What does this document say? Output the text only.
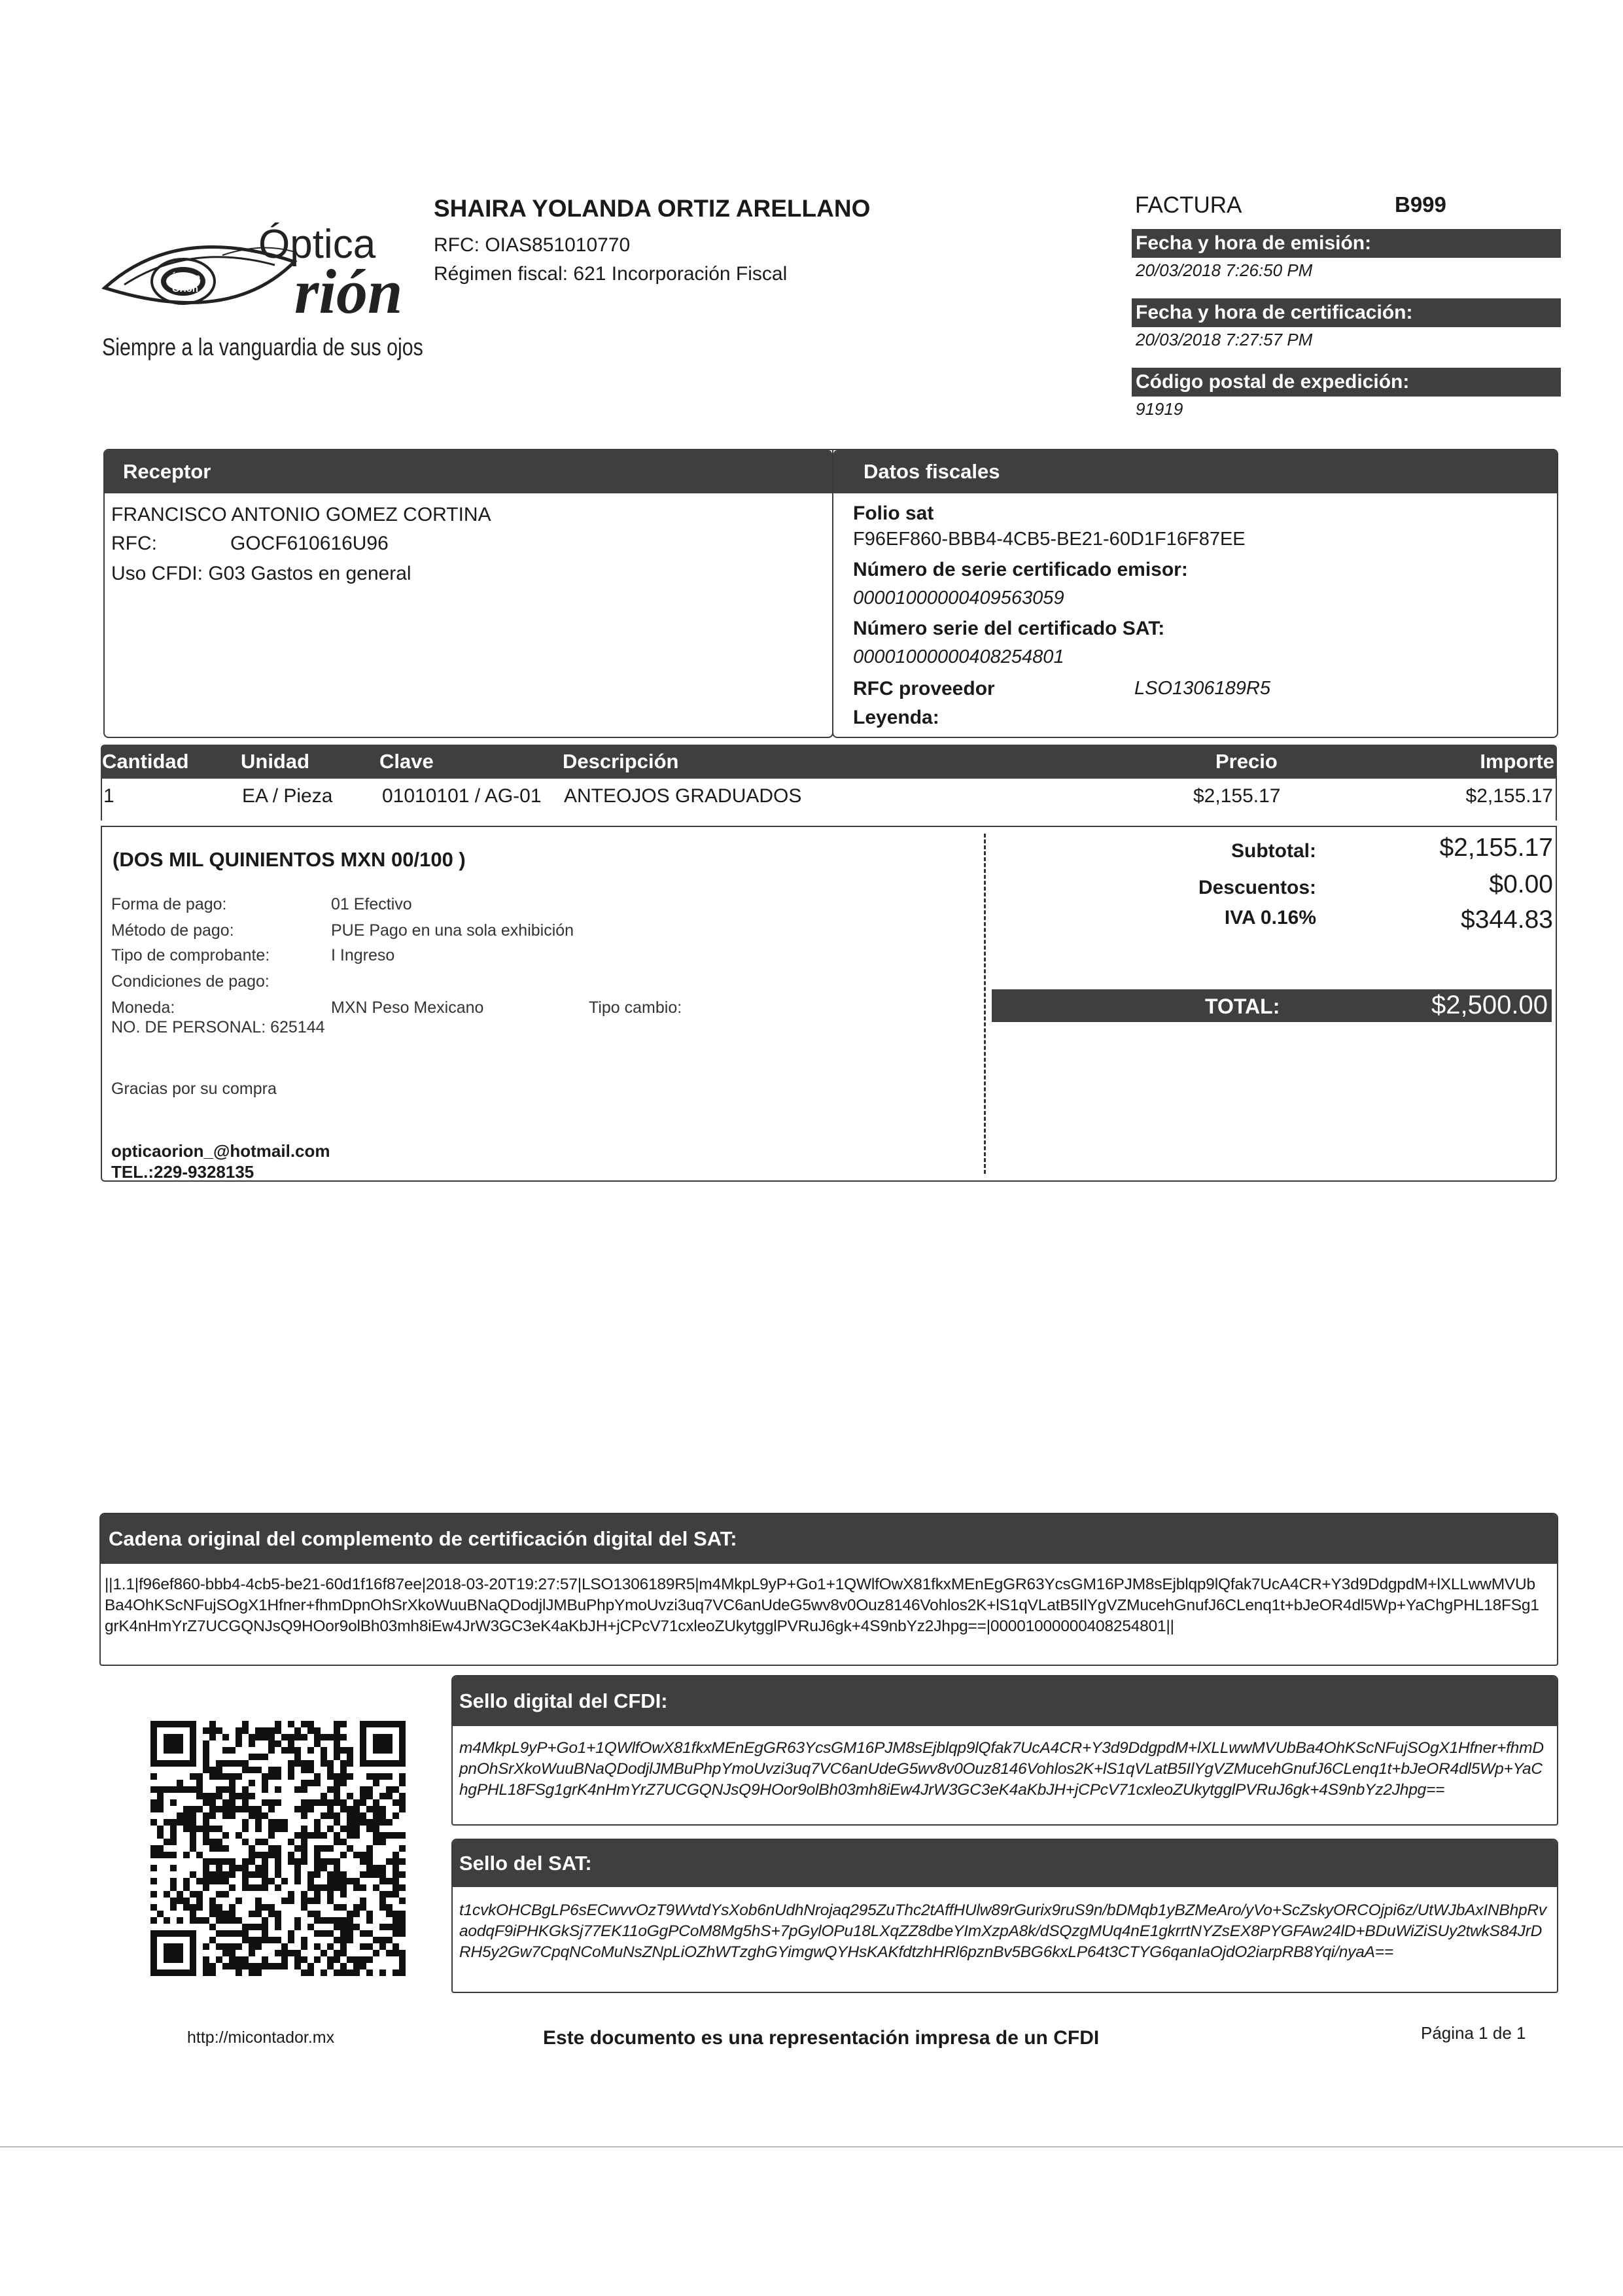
Óptica
rión
Óptica Orión
Siempre a la vanguardia de sus ojos
SHAIRA YOLANDA ORTIZ ARELLANO
RFC: OIAS851010770
Régimen fiscal: 621 Incorporación Fiscal
FACTURA	B999
Fecha y hora de emisión:
20/03/2018 7:26:50 PM
Fecha y hora de certificación:
20/03/2018 7:27:57 PM
Código postal de expedición:
91919
Receptor
FRANCISCO ANTONIO GOMEZ CORTINA
RFC:	GOCF610616U96
Uso CFDI: G03 Gastos en general
Datos fiscales
Folio sat
F96EF860-BBB4-4CB5-BE21-60D1F16F87EE
Número de serie certificado emisor:
00001000000409563059
Número serie del certificado SAT:
00001000000408254801
RFC proveedor	LSO1306189R5
Leyenda:
Cantidad	Unidad	Clave	Descripción	Precio	Importe
1	EA / Pieza	01010101 / AG-01 ANTEOJOS GRADUADOS	$2,155.17	$2,155.17
(DOS MIL QUINIENTOS MXN 00/100 )
Forma de pago:	01 Efectivo
Método de pago:	PUE Pago en una sola exhibición
Tipo de comprobante:	I Ingreso
Condiciones de pago:
Moneda:	MXN Peso Mexicano	Tipo cambio:
NO. DE PERSONAL: 625144
Gracias por su compra
opticaorion_@hotmail.com
TEL.:229-9328135
Subtotal:	$2,155.17
Descuentos:	$0.00
IVA 0.16%	$344.83
TOTAL:	$2,500.00
Cadena original del complemento de certificación digital del SAT:
||1.1|f96ef860-bbb4-4cb5-be21-60d1f16f87ee|2018-03-20T19:27:57|LSO1306189R5|m4MkpL9yP+Go1+1QWlfOwX81fkxMEnEgGR63YcsGM16PJM8sEjblqp9lQfak7UcA4CR+Y3d9DdgpdM+lXLLwwMVUbBa4OhKScNFujSOgX1Hfner+fhmDpnOhSrXkoWuuBNaQDodjlJMBuPhpYmoUvzi3uq7VC6anUdeG5wv8v0Ouz8146Vohlos2K+lS1qVLatB5IlYgVZMucehGnufJ6CLenq1t+bJeOR4dl5Wp+YaChgPHL18FSg1grK4nHmYrZ7UCGQNJsQ9HOor9olBh03mh8iEw4JrW3GC3eK4aKbJH+jCPcV71cxleoZUkytgglPVRuJ6gk+4S9nbYz2Jhpg==|00001000000408254801||
Sello digital del CFDI:
m4MkpL9yP+Go1+1QWlfOwX81fkxMEnEgGR63YcsGM16PJM8sEjblqp9lQfak7UcA4CR+Y3d9DdgpdM+lXLLwwMVUbBa4OhKScNFujSOgX1Hfner+fhmDpnOhSrXkoWuuBNaQDodjlJMBuPhpYmoUvzi3uq7VC6anUdeG5wv8v0Ouz8146Vohlos2K+lS1qVLatB5IlYgVZMucehGnufJ6CLenq1t+bJeOR4dl5Wp+YaChgPHL18FSg1grK4nHmYrZ7UCGQNJsQ9HOor9olBh03mh8iEw4JrW3GC3eK4aKbJH+jCPcV71cxleoZUkytgglPVRuJ6gk+4S9nbYz2Jhpg==
Sello del SAT:
t1cvkOHCBgLP6sECwvvOzT9WvtdYsXob6nUdhNrojaq295ZuThc2tAffHUlw89rGurix9ruS9n/bDMqb1yBZMeAro/yVo+ScZskyORCOjpi6z/UtWJbAxINBhpRvaodqF9iPHKGkSj77EK11oGgPCoM8Mg5hS+7pGylOPu18LXqZZ8dbeYImXzpA8k/dSQzgMUq4nE1gkrrtNYZsEX8PYGFAw24lD+BDuWiZiSUy2twkS84JrDRH5y2Gw7CpqNCoMuNsZNpLiOZhWTzghGYimgwQYHsKAKfdtzhHRl6pznBv5BG6kxLP64t3CTYG6qanIaOjdO2iarpRB8Yqi/nyaA==
http://micontador.mx	Este documento es una representación impresa de un CFDI	Página 1 de 1
